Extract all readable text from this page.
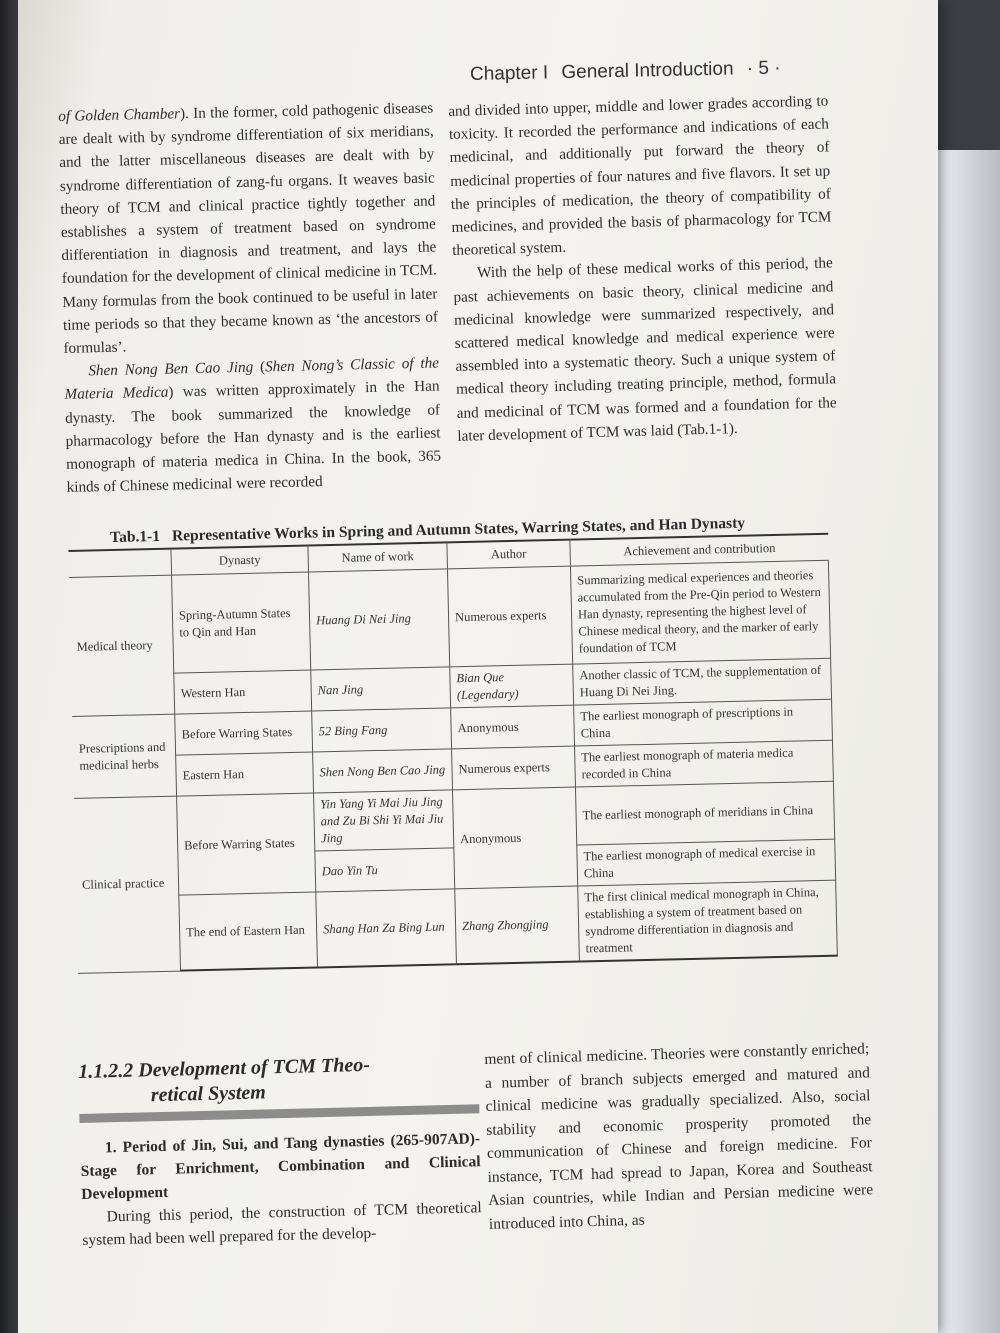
Chapter I General Introduction · 5 ·

of Golden Chamber). In the former, cold pathogenic diseases are dealt with by syndrome differentiation of six meridians, and the latter miscellaneous diseases are dealt with by syndrome differentiation of zang-fu organs. It weaves basic theory of TCM and clinical practice tightly together and establishes a system of treatment based on syndrome differentiation in diagnosis and treatment, and lays the foundation for the development of clinical medicine in TCM. Many formulas from the book continued to be useful in later time periods so that they became known as ‘the ancestors of formulas’.

Shen Nong Ben Cao Jing (Shen Nong’s Classic of the Materia Medica) was written approximately in the Han dynasty. The book summarized the knowledge of pharmacology before the Han dynasty and is the earliest monograph of materia medica in China. In the book, 365 kinds of Chinese medicinal were recorded

and divided into upper, middle and lower grades according to toxicity. It recorded the performance and indications of each medicinal, and additionally put forward the theory of medicinal properties of four natures and five flavors. It set up the principles of medication, the theory of compatibility of medicines, and provided the basis of pharmacology for TCM theoretical system.

With the help of these medical works of this period, the past achievements on basic theory, clinical medicine and medicinal knowledge were summarized respectively, and scattered medical knowledge and medical experience were assembled into a systematic theory. Such a unique system of medical theory including treating principle, method, formula and medicinal of TCM was formed and a foundation for the later development of TCM was laid (Tab.1-1).

Tab.1-1 Representative Works in Spring and Autumn States, Warring States, and Han Dynasty
	Dynasty	Name of work	Author	Achievement and contribution
Medical theory	Spring-Autumn States to Qin and Han	Huang Di Nei Jing	Numerous experts	Summarizing medical experiences and theories accumulated from the Pre-Qin period to Western Han dynasty, representing the highest level of Chinese medical theory, and the marker of early foundation of TCM
	Western Han	Nan Jing	Bian Que (Legendary)	Another classic of TCM, the supplementation of Huang Di Nei Jing.
Prescriptions and medicinal herbs	Before Warring States	52 Bing Fang	Anonymous	The earliest monograph of prescriptions in China
	Eastern Han	Shen Nong Ben Cao Jing	Numerous experts	The earliest monograph of materia medica recorded in China
Clinical practice	Before Warring States	Yin Yang Yi Mai Jiu Jing and Zu Bi Shi Yi Mai Jiu Jing	Anonymous	The earliest monograph of meridians in China
		Dao Yin Tu		The earliest monograph of medical exercise in China
	The end of Eastern Han	Shang Han Za Bing Lun	Zhang Zhongjing	The first clinical medical monograph in China, establishing a system of treatment based on syndrome differentiation in diagnosis and treatment
1.1.2.2 Development of TCM Theo-
retical System
1. Period of Jin, Sui, and Tang dynasties (265-907AD)-Stage for Enrichment, Combination and Clinical Development
During this period, the construction of TCM theoretical system had been well prepared for the develop-

ment of clinical medicine. Theories were constantly enriched; a number of branch subjects emerged and matured and clinical medicine was gradually specialized. Also, social stability and economic prosperity promoted the communication of Chinese and foreign medicine. For instance, TCM had spread to Japan, Korea and Southeast Asian countries, while Indian and Persian medicine were introduced into China, as
